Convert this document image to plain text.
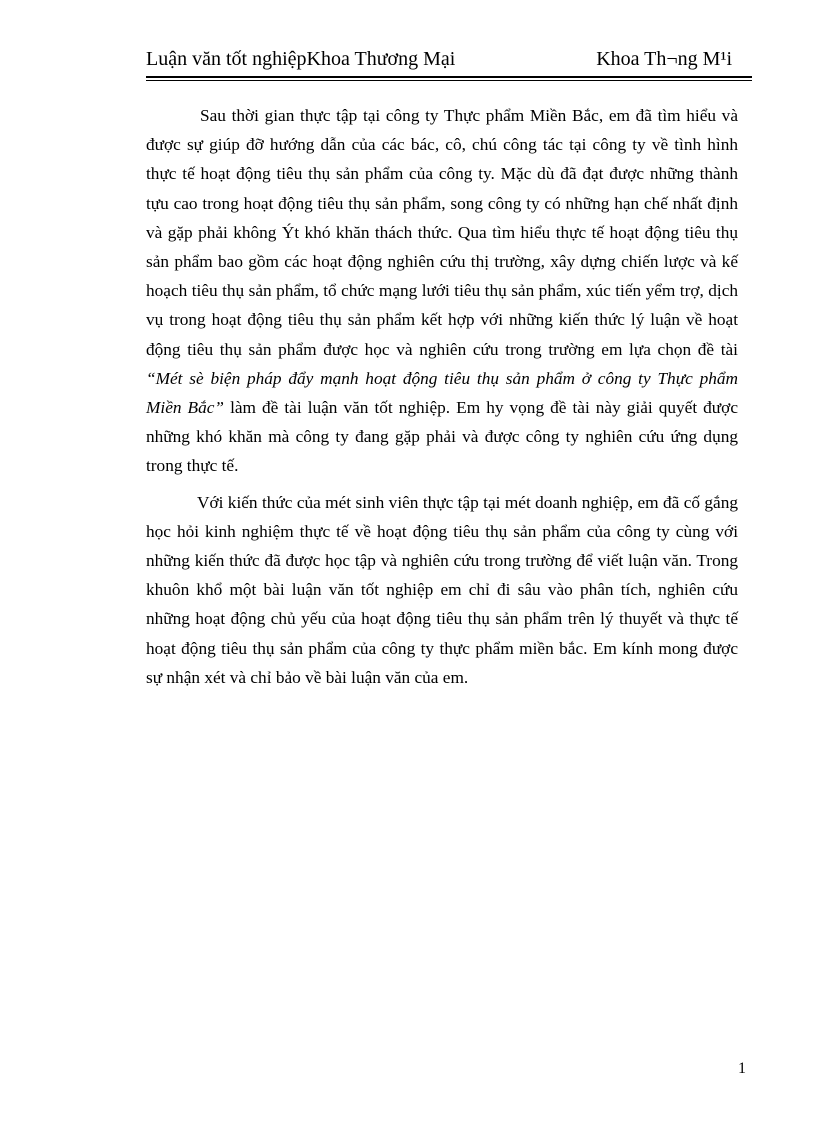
Luận văn tốt nghiệpKhoa Thương Mại	Khoa Th¬ng M¹i

Sau thời gian thực tập tại công ty Thực phẩm Miền Bắc, em đã tìm hiểu và được sự giúp đỡ hướng dẫn của các bác, cô, chú công tác tại công ty về tình hình thực tế hoạt động tiêu thụ sản phẩm của công ty. Mặc dù đã đạt được những thành tựu cao trong hoạt động tiêu thụ sản phẩm, song công ty có những hạn chế nhất định và gặp phải không Ýt khó khăn thách thức. Qua tìm hiểu thực tế hoạt động tiêu thụ sản phẩm bao gồm các hoạt động nghiên cứu thị trường, xây dựng chiến lược và kế hoạch tiêu thụ sản phẩm, tổ chức mạng lưới tiêu thụ sản phẩm, xúc tiến yểm trợ, dịch vụ trong hoạt động tiêu thụ sản phẩm kết hợp với những kiến thức lý luận về hoạt động tiêu thụ sản phẩm được học và nghiên cứu trong trường em lựa chọn đề tài “Mét sè biện pháp đẩy mạnh hoạt động tiêu thụ sản phẩm ở công ty Thực phẩm Miền Bắc” làm đề tài luận văn tốt nghiệp. Em hy vọng đề tài này giải quyết được những khó khăn mà công ty đang gặp phải và được công ty nghiên cứu ứng dụng trong thực tế.

Với kiến thức của mét sinh viên thực tập tại mét doanh nghiệp, em đã cố gắng học hỏi kinh nghiệm thực tế về hoạt động tiêu thụ sản phẩm của công ty cùng với những kiến thức đã được học tập và nghiên cứu trong trường để viết luận văn. Trong khuôn khổ một bài luận văn tốt nghiệp em chỉ đi sâu vào phân tích, nghiên cứu những hoạt động chủ yếu của hoạt động tiêu thụ sản phẩm trên lý thuyết và thực tế hoạt động tiêu thụ sản phẩm của công ty thực phẩm miền bắc. Em kính mong được sự nhận xét và chỉ bảo về bài luận văn của em.

1
